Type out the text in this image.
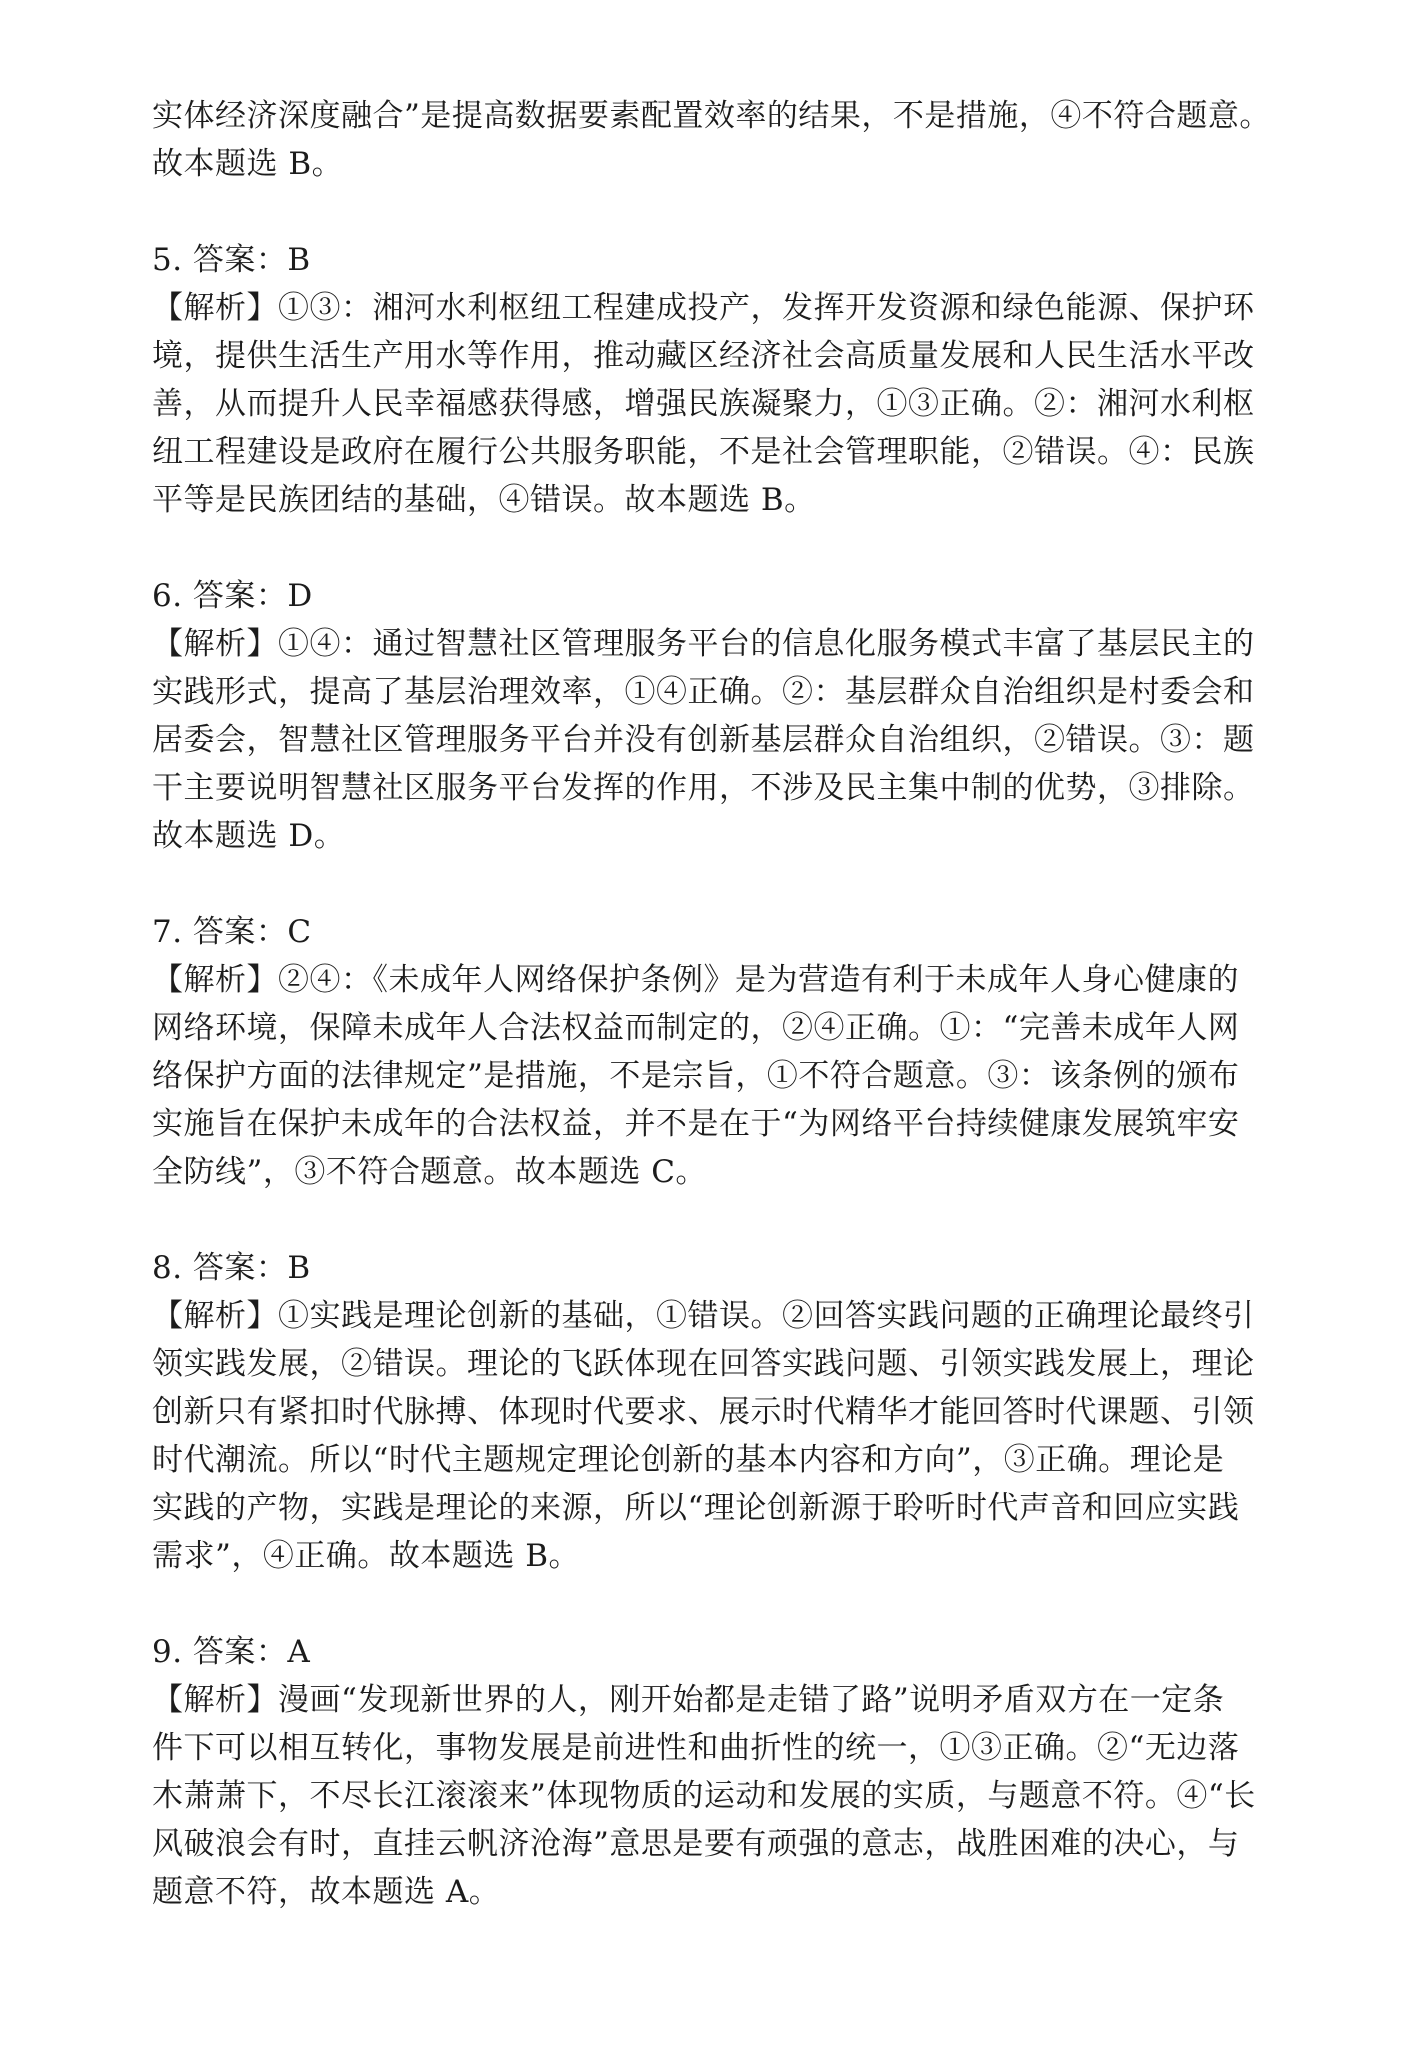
实体经济深度融合”是提高数据要素配置效率的结果，不是措施，④不符合题意。
故本题选 B。
5. 答案：B
【解析】①③：湘河水利枢纽工程建成投产，发挥开发资源和绿色能源、保护环
境，提供生活生产用水等作用，推动藏区经济社会高质量发展和人民生活水平改
善，从而提升人民幸福感获得感，增强民族凝聚力，①③正确。②：湘河水利枢
纽工程建设是政府在履行公共服务职能，不是社会管理职能，②错误。④：民族
平等是民族团结的基础，④错误。故本题选 B。
6. 答案：D
【解析】①④：通过智慧社区管理服务平台的信息化服务模式丰富了基层民主的
实践形式，提高了基层治理效率，①④正确。②：基层群众自治组织是村委会和
居委会，智慧社区管理服务平台并没有创新基层群众自治组织，②错误。③：题
干主要说明智慧社区服务平台发挥的作用，不涉及民主集中制的优势，③排除。
故本题选 D。
7. 答案：C
【解析】②④：《未成年人网络保护条例》是为营造有利于未成年人身心健康的
网络环境，保障未成年人合法权益而制定的，②④正确。①：“完善未成年人网
络保护方面的法律规定”是措施，不是宗旨，①不符合题意。③：该条例的颁布
实施旨在保护未成年的合法权益，并不是在于“为网络平台持续健康发展筑牢安
全防线”，③不符合题意。故本题选 C。
8. 答案：B
【解析】①实践是理论创新的基础，①错误。②回答实践问题的正确理论最终引
领实践发展，②错误。理论的飞跃体现在回答实践问题、引领实践发展上，理论
创新只有紧扣时代脉搏、体现时代要求、展示时代精华才能回答时代课题、引领
时代潮流。所以“时代主题规定理论创新的基本内容和方向”，③正确。理论是
实践的产物，实践是理论的来源，所以“理论创新源于聆听时代声音和回应实践
需求”，④正确。故本题选 B。
9. 答案：A
【解析】漫画“发现新世界的人，刚开始都是走错了路”说明矛盾双方在一定条
件下可以相互转化，事物发展是前进性和曲折性的统一，①③正确。②“无边落
木萧萧下，不尽长江滚滚来”体现物质的运动和发展的实质，与题意不符。④“长
风破浪会有时，直挂云帆济沧海”意思是要有顽强的意志，战胜困难的决心，与
题意不符，故本题选 A。
